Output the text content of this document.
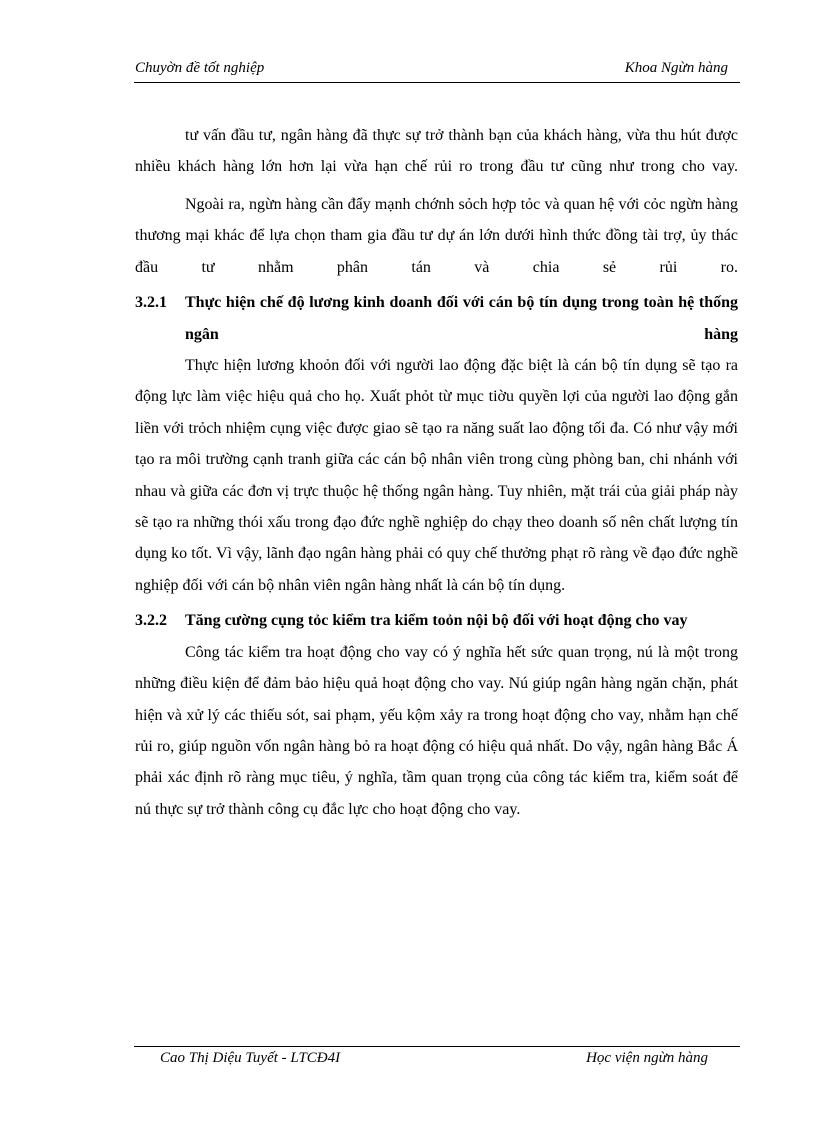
Chuyờn đề tốt nghiệp	Khoa Ngừn hàng

tư vấn đầu tư, ngân hàng đã thực sự trở thành bạn của khách hàng, vừa thu hút được nhiều khách hàng lớn hơn lại vừa hạn chế rủi ro trong đầu tư cũng như trong cho vay.

Ngoài ra, ngừn hàng cần đẩy mạnh chớnh sỏch hợp tỏc và quan hệ với cỏc ngừn hàng thương mại khác để lựa chọn tham gia đầu tư dự án lớn dưới hình thức đồng tài trợ, ủy thác đầu tư nhằm phân tán và chia sẻ rủi ro.

3.2.1 Thực hiện chế độ lương kinh doanh đối với cán bộ tín dụng trong toàn hệ thống ngân hàng

Thực hiện lương khoỏn đối với người lao động đặc biệt là cán bộ tín dụng sẽ tạo ra động lực làm việc hiệu quả cho họ. Xuất phỏt từ mục tiờu quyền lợi của người lao động gắn liền với trỏch nhiệm cụng việc được giao sẽ tạo ra năng suất lao động tối đa. Có như vậy mới tạo ra môi trường cạnh tranh giữa các cán bộ nhân viên trong cùng phòng ban, chi nhánh với nhau và giữa các đơn vị trực thuộc hệ thống ngân hàng. Tuy nhiên, mặt trái của giải pháp này sẽ tạo ra những thói xấu trong đạo đức nghề nghiệp do chạy theo doanh số nên chất lượng tín dụng ko tốt. Vì vậy, lãnh đạo ngân hàng phải có quy chế thưởng phạt rõ ràng về đạo đức nghề nghiệp đối với cán bộ nhân viên ngân hàng nhất là cán bộ tín dụng.

3.2.2 Tăng cường cụng tỏc kiểm tra kiểm toỏn nội bộ đối với hoạt động cho vay

Công tác kiểm tra hoạt động cho vay có ý nghĩa hết sức quan trọng, nú là một trong những điều kiện để đảm bảo hiệu quả hoạt động cho vay. Nú giúp ngân hàng ngăn chặn, phát hiện và xử lý các thiếu sót, sai phạm, yếu kộm xảy ra trong hoạt động cho vay, nhằm hạn chế rủi ro, giúp nguồn vốn ngân hàng bỏ ra hoạt động có hiệu quả nhất. Do vậy, ngân hàng Bắc Á phải xác định rõ ràng mục tiêu, ý nghĩa, tầm quan trọng của công tác kiểm tra, kiểm soát để nú thực sự trở thành công cụ đắc lực cho hoạt động cho vay.

Cao Thị Diệu Tuyết - LTCĐ4I	Học viện ngừn hàng
